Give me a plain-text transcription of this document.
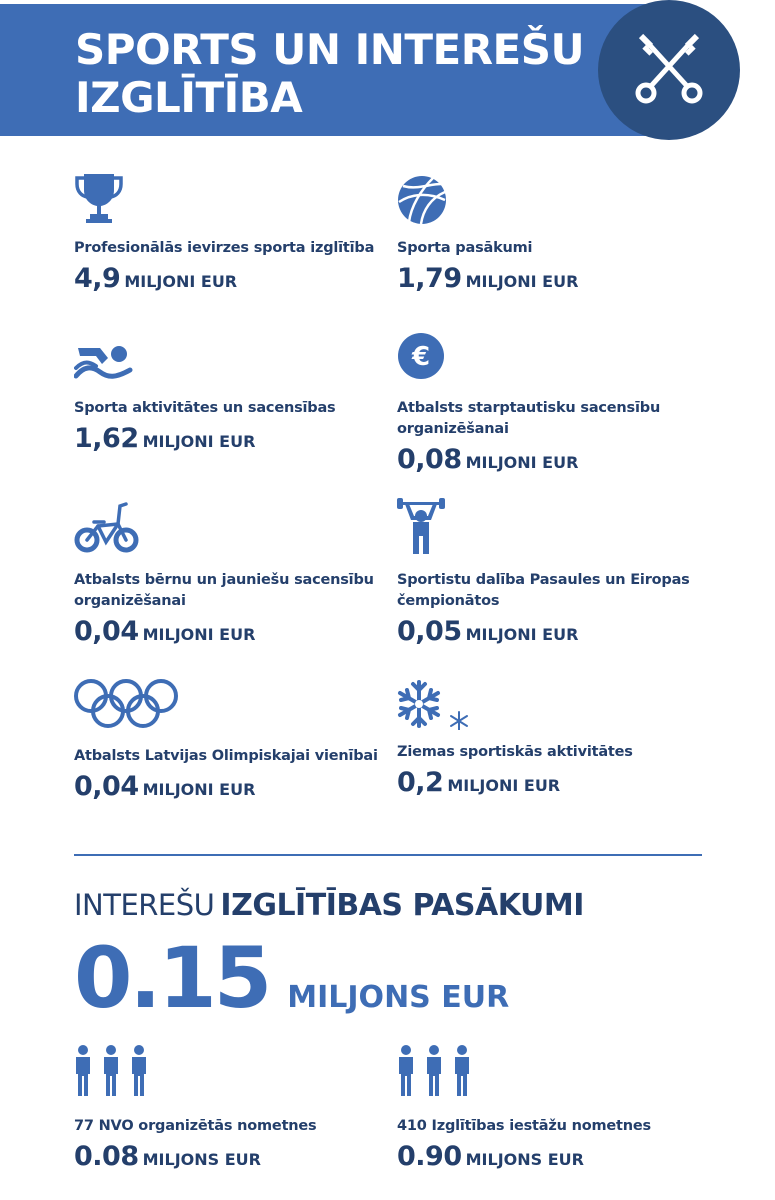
SPORTS UN INTEREŠU IZGLĪTĪBA
Profesionālās ievirzes sporta izglītība
4,9 MILJONI EUR
Sporta pasākumi
1,79 MILJONI EUR
Sporta aktivitātes un sacensības
1,62 MILJONI EUR
€
Atbalsts starptautisku sacensību organizēšanai
0,08 MILJONI EUR
Atbalsts bērnu un jauniešu sacensību organizēšanai
0,04 MILJONI EUR
Sportistu dalība Pasaules un Eiropas čempionātos
0,05 MILJONI EUR
Atbalsts Latvijas Olimpiskajai vienībai
0,04 MILJONI EUR
Ziemas sportiskās aktivitātes
0,2 MILJONI EUR
INTEREŠU IZGLĪTĪBAS PASĀKUMI
0.15 MILJONS EUR
77 NVO organizētās nometnes
0.08 MILJONS EUR
410 Izglītības iestāžu nometnes
0.90 MILJONS EUR
